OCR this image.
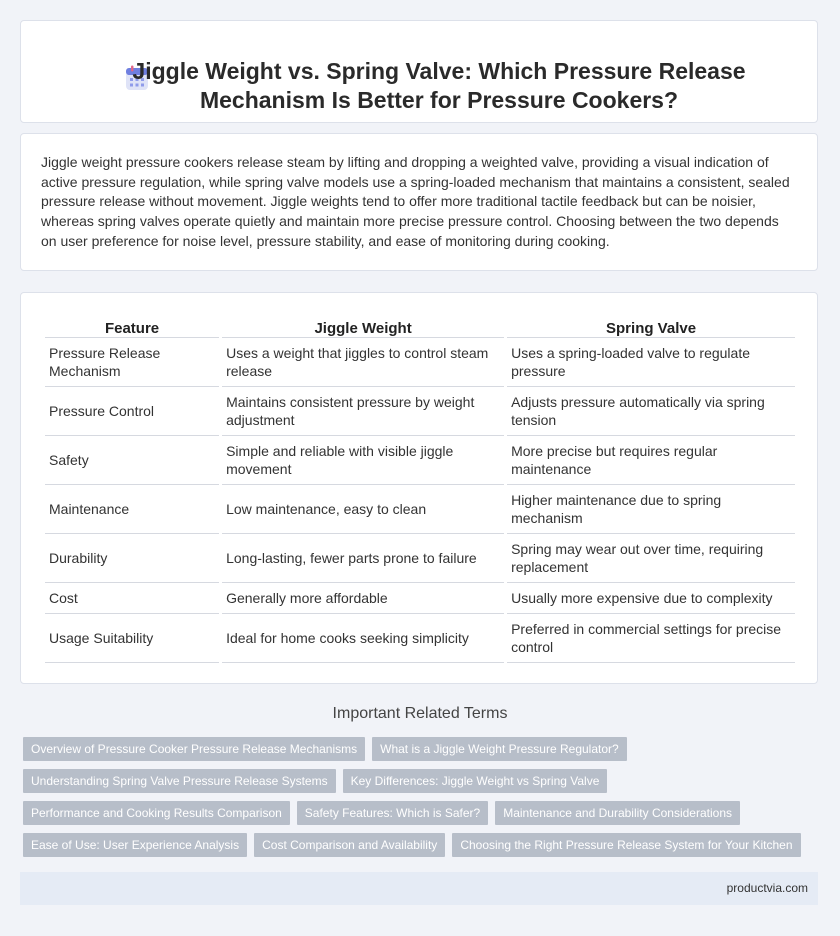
Jiggle Weight vs. Spring Valve: Which Pressure Release Mechanism Is Better for Pressure Cookers?

Jiggle weight pressure cookers release steam by lifting and dropping a weighted valve, providing a visual indication of active pressure regulation, while spring valve models use a spring-loaded mechanism that maintains a consistent, sealed pressure release without movement. Jiggle weights tend to offer more traditional tactile feedback but can be noisier, whereas spring valves operate quietly and maintain more precise pressure control. Choosing between the two depends on user preference for noise level, pressure stability, and ease of monitoring during cooking.

Feature	Jiggle Weight	Spring Valve
Pressure Release Mechanism	Uses a weight that jiggles to control steam release	Uses a spring-loaded valve to regulate pressure
Pressure Control	Maintains consistent pressure by weight adjustment	Adjusts pressure automatically via spring tension
Safety	Simple and reliable with visible jiggle movement	More precise but requires regular maintenance
Maintenance	Low maintenance, easy to clean	Higher maintenance due to spring mechanism
Durability	Long-lasting, fewer parts prone to failure	Spring may wear out over time, requiring replacement
Cost	Generally more affordable	Usually more expensive due to complexity
Usage Suitability	Ideal for home cooks seeking simplicity	Preferred in commercial settings for precise control
Important Related Terms
Overview of Pressure Cooker Pressure Release Mechanisms	What is a Jiggle Weight Pressure Regulator?
Understanding Spring Valve Pressure Release Systems	Key Differences: Jiggle Weight vs Spring Valve
Performance and Cooking Results Comparison	Safety Features: Which is Safer?	Maintenance and Durability Considerations
Ease of Use: User Experience Analysis	Cost Comparison and Availability	Choosing the Right Pressure Release System for Your Kitchen
productvia.com
